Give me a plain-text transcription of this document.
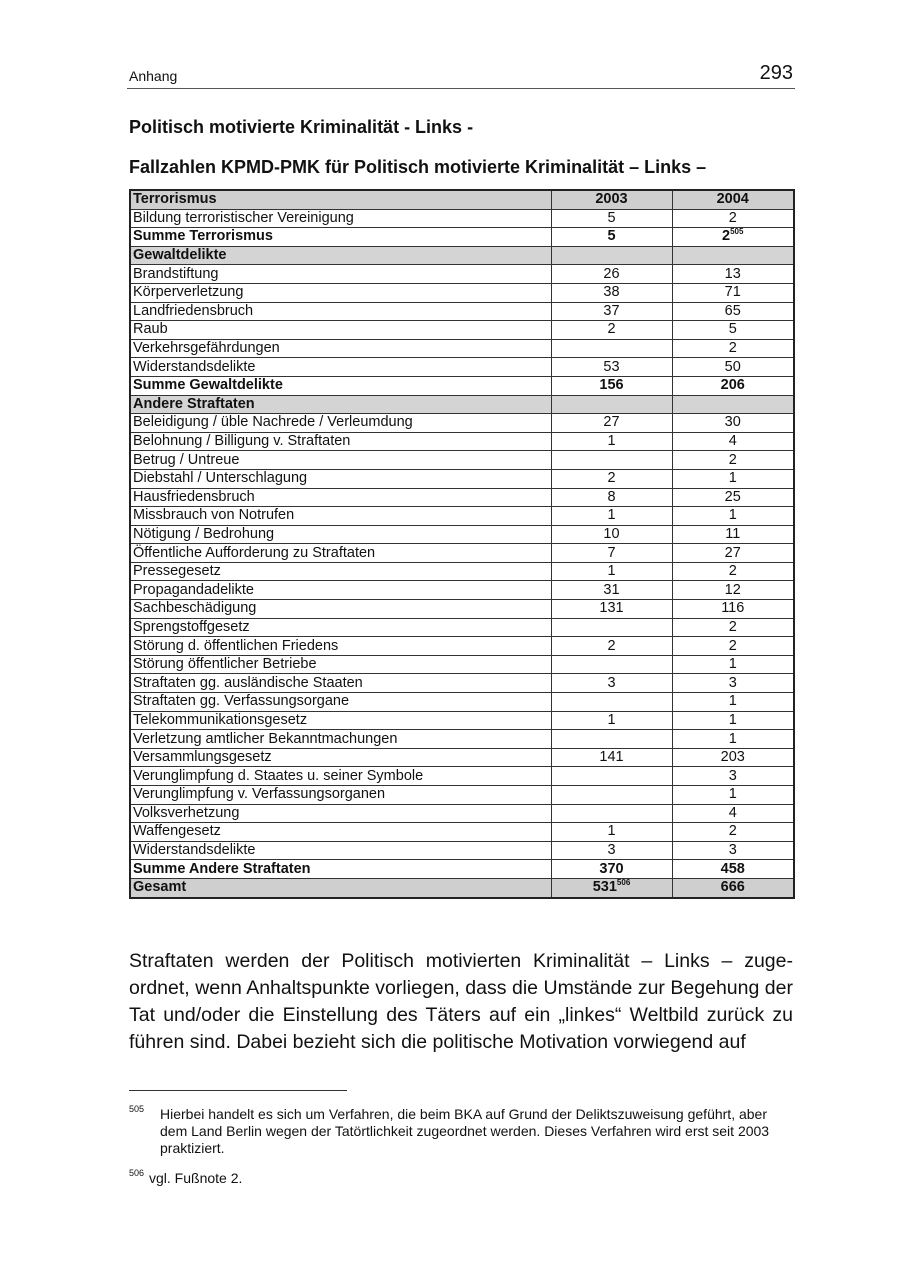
Anhang	293
Politisch motivierte Kriminalität - Links -
Fallzahlen KPMD-PMK für Politisch motivierte Kriminalität – Links –
Terrorismus	2003	2004
Bildung terroristischer Vereinigung	5	2
Summe Terrorismus	5	$2^{505}$
Gewaltdelikte		
Brandstiftung	26	13
Körperverletzung	38	71
Landfriedensbruch	37	65
Raub	2	5
Verkehrsgefährdungen		2
Widerstandsdelikte	53	50
Summe Gewaltdelikte	156	206
Andere Straftaten		
Beleidigung / üble Nachrede / Verleumdung	27	30
Belohnung / Billigung v. Straftaten	1	4
Betrug / Untreue		2
Diebstahl / Unterschlagung	2	1
Hausfriedensbruch	8	25
Missbrauch von Notrufen	1	1
Nötigung / Bedrohung	10	11
Öffentliche Aufforderung zu Straftaten	7	27
Pressegesetz	1	2
Propagandadelikte	31	12
Sachbeschädigung	131	116
Sprengstoffgesetz		2
Störung d. öffentlichen Friedens	2	2
Störung öffentlicher Betriebe		1
Straftaten gg. ausländische Staaten	3	3
Straftaten gg. Verfassungsorgane		1
Telekommunikationsgesetz	1	1
Verletzung amtlicher Bekanntmachungen		1
Versammlungsgesetz	141	203
Verunglimpfung d. Staates u. seiner Symbole		3
Verunglimpfung v. Verfassungsorganen		1
Volksverhetzung		4
Waffengesetz	1	2
Widerstandsdelikte	3	3
Summe Andere Straftaten	370	458
Gesamt	$531^{506}$	666
Straftaten werden der Politisch motivierten Kriminalität – Links – zuge-ordnet, wenn Anhaltspunkte vorliegen, dass die Umstände zur Begehung der Tat und/oder die Einstellung des Täters auf ein „linkes“ Weltbild zurück zu führen sind. Dabei bezieht sich die politische Motivation vorwiegend auf
505 Hierbei handelt es sich um Verfahren, die beim BKA auf Grund der Deliktszuweisung geführt, aber dem Land Berlin wegen der Tatörtlichkeit zugeordnet werden. Dieses Verfahren wird erst seit 2003 praktiziert.
506 vgl. Fußnote 2.
